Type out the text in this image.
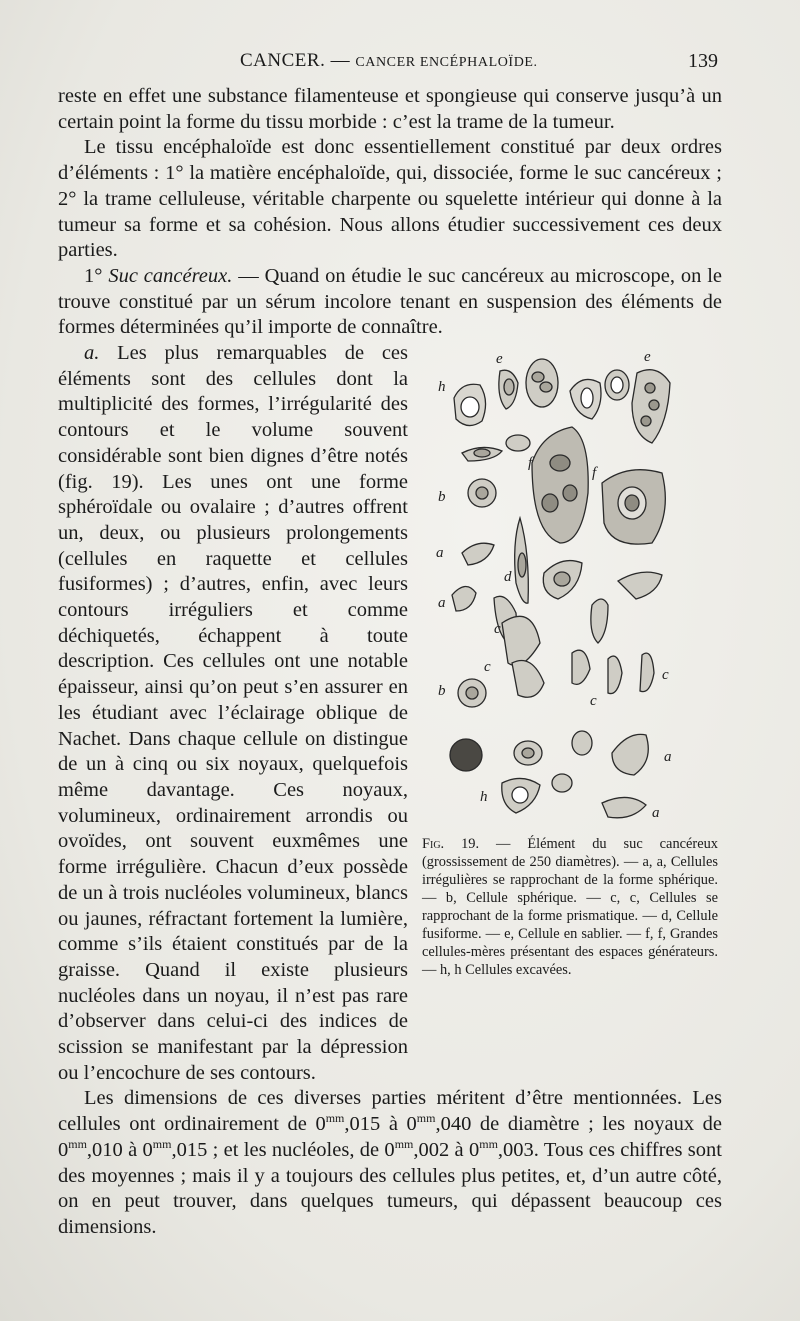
CANCER. — CANCER ENCÉPHALOÏDE.	139

reste en effet une substance filamenteuse et spongieuse qui conserve jusqu’à un certain point la forme du tissu morbide : c’est la trame de la tumeur.

Le tissu encéphaloïde est donc essentiellement constitué par deux ordres d’éléments : 1° la matière encéphaloïde, qui, dissociée, forme le suc cancéreux ; 2° la trame celluleuse, véritable charpente ou squelette intérieur qui donne à la tumeur sa forme et sa cohésion. Nous allons étudier successivement ces deux parties.

1° Suc cancéreux. — Quand on étudie le suc cancéreux au microscope, on le trouve constitué par un sérum incolore tenant en suspension des éléments de formes déterminées qu’il importe de connaître.

e
h
e
f
b
f
a
d
a
c
c
c
b
c
a
h
a
Fig. 19. — Élément du suc cancéreux (grossissement de 250 diamètres). — a, a, Cellules irrégulières se rapprochant de la forme sphérique. — b, Cellule sphérique. — c, c, Cellules se rapprochant de la forme prismatique. — d, Cellule fusiforme. — e, Cellule en sablier. — f, f, Grandes cellules-mères présentant des espaces générateurs. — h, h Cellules excavées.

a. Les plus remarquables de ces éléments sont des cellules dont la multiplicité des formes, l’irrégularité des contours et le volume souvent considérable sont bien dignes d’être notés (fig. 19). Les unes ont une forme sphéroïdale ou ovalaire ; d’autres offrent un, deux, ou plusieurs prolongements (cellules en raquette et cellules fusiformes) ; d’autres, enfin, avec leurs contours irréguliers et comme déchiquetés, échappent à toute description. Ces cellules ont une notable épaisseur, ainsi qu’on peut s’en assurer en les étudiant avec l’éclairage oblique de Nachet. Dans chaque cellule on distingue de un à cinq ou six noyaux, quelquefois même davantage. Ces noyaux, volumineux, ordinairement arrondis ou ovoïdes, ont souvent euxmêmes une forme irrégulière. Chacun d’eux possède de un à trois nucléoles volumineux, blancs ou jaunes, réfractant fortement la lumière, comme s’ils étaient constitués par de la graisse. Quand il existe plusieurs nucléoles dans un noyau, il n’est pas rare d’observer dans celui-ci des indices de scission se manifestant par la dépression ou l’encochure de ses contours.

Les dimensions de ces diverses parties méritent d’être mentionnées. Les cellules ont ordinairement de $0^{mm},015$ à $0^{mm},040$ de diamètre ; les noyaux de $0^{mm},010$ à $0^{mm},015$ ; et les nucléoles, de $0^{mm},002$ à $0^{mm},003$. Tous ces chiffres sont des moyennes ; mais il y a toujours des cellules plus petites, et, d’un autre côté, on en peut trouver, dans quelques tumeurs, qui dépassent beaucoup ces dimensions.
